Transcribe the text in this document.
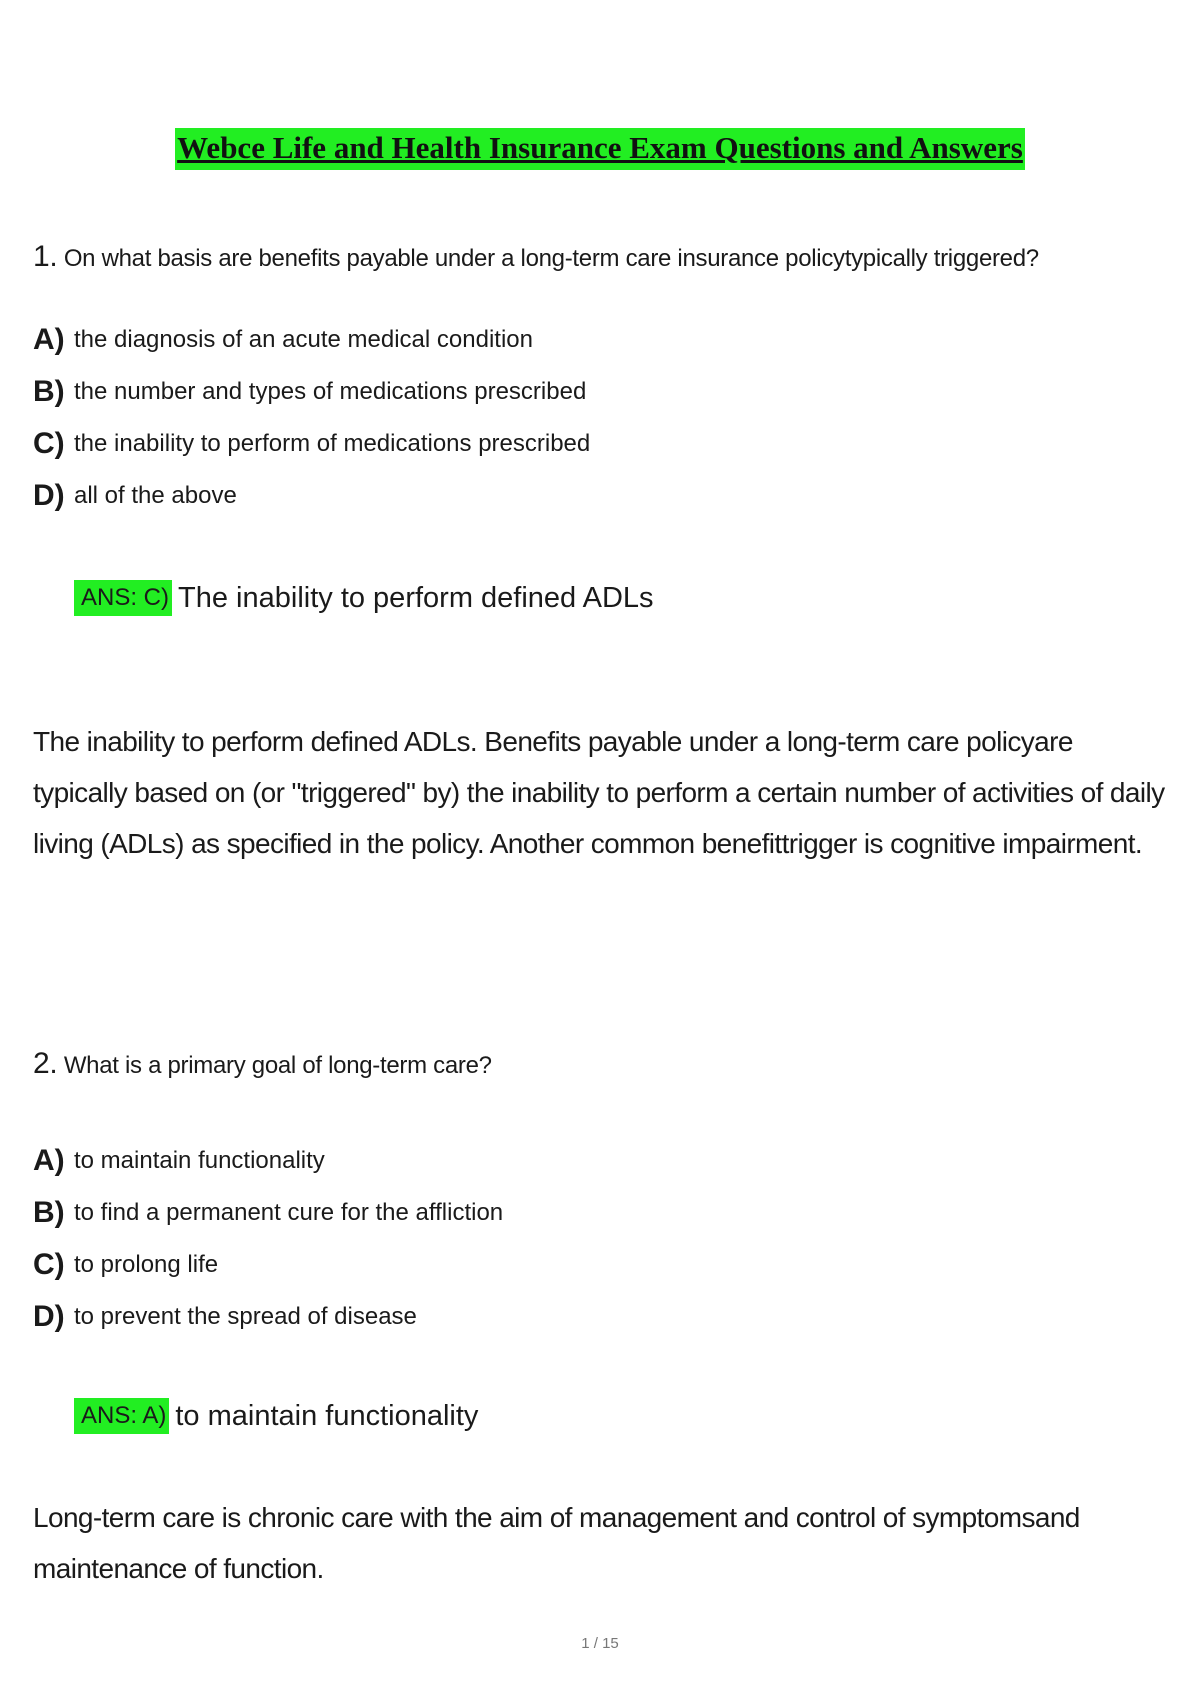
Webce Life and Health Insurance Exam Questions and Answers
1. On what basis are benefits payable under a long-term care insurance policytypically triggered?
A) the diagnosis of an acute medical condition
B) the number and types of medications prescribed
C) the inability to perform of medications prescribed
D) all of the above
ANS: C) The inability to perform defined ADLs
The inability to perform defined ADLs. Benefits payable under a long-term care policyare typically based on (or "triggered" by) the inability to perform a certain number of activities of daily living (ADLs) as specified in the policy. Another common benefittrigger is cognitive impairment.
2. What is a primary goal of long-term care?
A) to maintain functionality
B) to find a permanent cure for the affliction
C) to prolong life
D) to prevent the spread of disease
ANS: A) to maintain functionality
Long-term care is chronic care with the aim of management and control of symptomsand maintenance of function.
1 / 15
